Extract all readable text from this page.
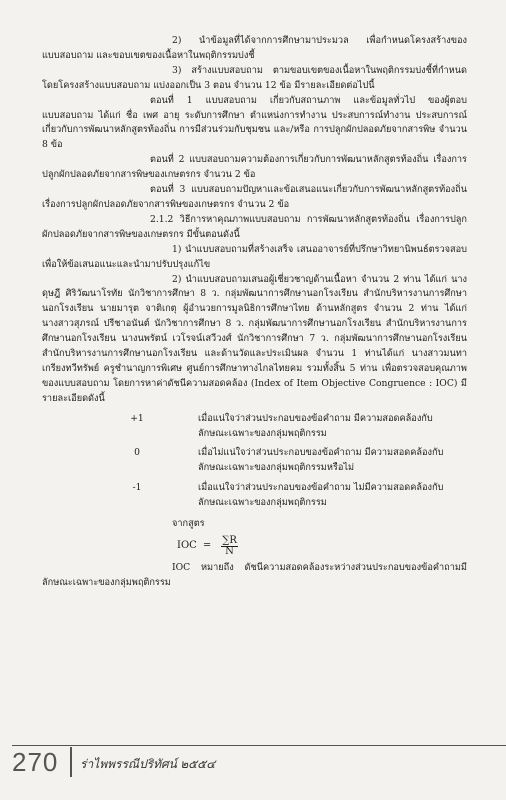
2) นำข้อมูลที่ได้จากการศึกษามาประมวล เพื่อกำหนดโครงสร้างของแบบสอบถาม และขอบเขตของเนื้อหาในพฤติกรรมบ่งชี้

3) สร้างแบบสอบถาม ตามขอบเขตของเนื้อหาในพฤติกรรมบ่งชี้ที่กำหนด โดยโครงสร้างแบบสอบถาม แบ่งออกเป็น 3 ตอน จำนวน 12 ข้อ มีรายละเอียดต่อไปนี้

ตอนที่ 1 แบบสอบถาม เกี่ยวกับสถานภาพ และข้อมูลทั่วไป ของผู้ตอบแบบสอบถาม ได้แก่ ชื่อ เพศ อายุ ระดับการศึกษา ตำแหน่งการทำงาน ประสบการณ์ทำงาน ประสบการณ์เกี่ยวกับการพัฒนาหลักสูตรท้องถิ่น การมีส่วนร่วมกับชุมชน และ/หรือ การปลูกผักปลอดภัยจากสารพิษ จำนวน 8 ข้อ

ตอนที่ 2 แบบสอบถามความต้องการเกี่ยวกับการพัฒนาหลักสูตรท้องถิ่น เรื่องการปลูกผักปลอดภัยจากสารพิษของเกษตรกร จำนวน 2 ข้อ

ตอนที่ 3 แบบสอบถามปัญหาและข้อเสนอแนะเกี่ยวกับการพัฒนาหลักสูตรท้องถิ่น เรื่องการปลูกผักปลอดภัยจากสารพิษของเกษตรกร จำนวน 2 ข้อ

2.1.2 วิธีการหาคุณภาพแบบสอบถาม การพัฒนาหลักสูตรท้องถิ่น เรื่องการปลูกผักปลอดภัยจากสารพิษของเกษตรกร มีขั้นตอนดังนี้

1) นำแบบสอบถามที่สร้างเสร็จ เสนออาจารย์ที่ปรึกษาวิทยานิพนธ์ตรวจสอบเพื่อให้ข้อเสนอแนะและนำมาปรับปรุงแก้ไข

2) นำแบบสอบถามเสนอผู้เชี่ยวชาญด้านเนื้อหา จำนวน 2 ท่าน ได้แก่ นางดุษฎี ศิริวัฒนาโรทัย นักวิชาการศึกษา 8 ว. กลุ่มพัฒนาการศึกษานอกโรงเรียน สำนักบริหารงานการศึกษานอกโรงเรียน นายมารุต จาติเกตุ ผู้อำนวยการมูลนิธิการศึกษาไทย ด้านหลักสูตร จำนวน 2 ท่าน ได้แก่ นางสาวสุภรณ์ ปรีชาอนันต์ นักวิชาการศึกษา 8 ว. กลุ่มพัฒนาการศึกษานอกโรงเรียน สำนักบริหารงานการศึกษานอกโรงเรียน นางนพรัตน์ เวโรจน์เสวีวงศ์ นักวิชาการศึกษา 7 ว. กลุ่มพัฒนาการศึกษานอกโรงเรียน สำนักบริหารงานการศึกษานอกโรงเรียน และด้านวัดและประเมินผล จำนวน 1 ท่านได้แก่ นางสาวมนทา เกรียงทวีทรัพย์ ครูชำนาญการพิเศษ ศูนย์การศึกษาทางไกลไทยคม รวมทั้งสิ้น 5 ท่าน เพื่อตรวจสอบคุณภาพของแบบสอบถาม โดยการหาค่าดัชนีความสอดคล้อง (Index of Item Objective Congruence : IOC) มีรายละเอียดดังนี้

+1	เมื่อแน่ใจว่าส่วนประกอบของข้อคำถาม มีความสอดคล้องกับ
ลักษณะเฉพาะของกลุ่มพฤติกรรม
0	เมื่อไม่แน่ใจว่าส่วนประกอบของข้อคำถาม มีความสอดคล้องกับ
ลักษณะเฉพาะของกลุ่มพฤติกรรมหรือไม่
-1	เมื่อแน่ใจว่าส่วนประกอบของข้อคำถาม ไม่มีความสอดคล้องกับ
ลักษณะเฉพาะของกลุ่มพฤติกรรม

จากสูตร

IOC = $\frac{\sum R}{N}$

IOC หมายถึง ดัชนีความสอดคล้องระหว่างส่วนประกอบของข้อคำถามมีลักษณะเฉพาะของกลุ่มพฤติกรรม

270 ร่าไพพรรณีปริทัศน์ ๒๕๕๔
